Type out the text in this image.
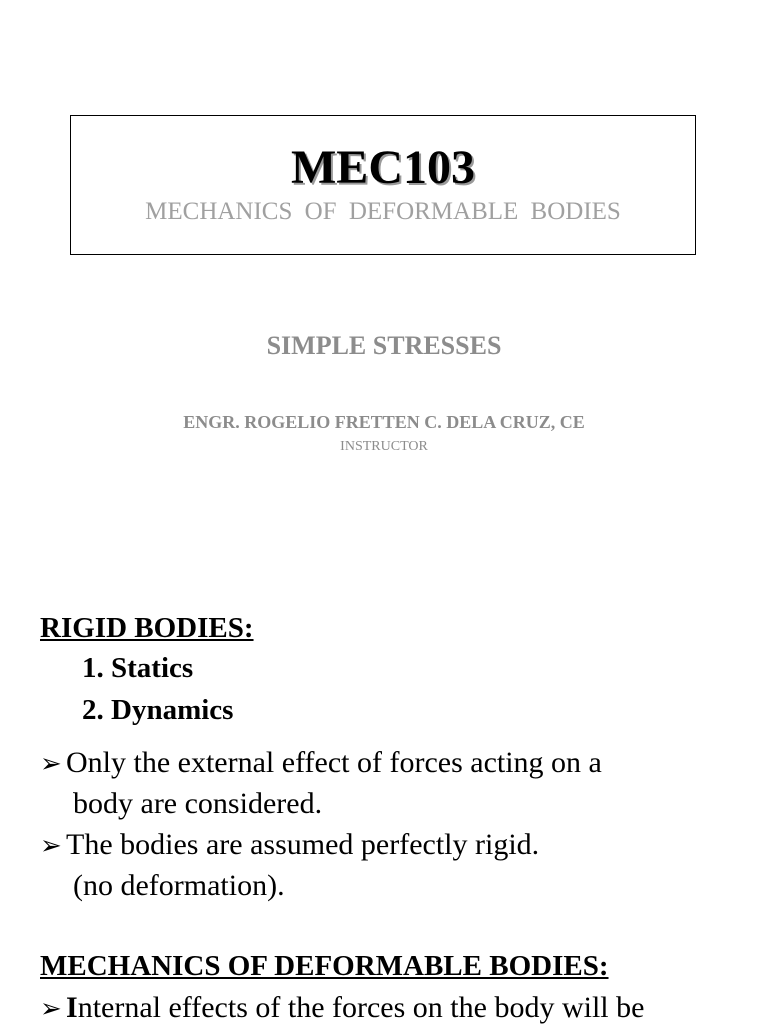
MEC103
MECHANICS OF DEFORMABLE BODIES
SIMPLE STRESSES
ENGR. ROGELIO FRETTEN C. DELA CRUZ, CE
INSTRUCTOR
RIGID BODIES:
1. Statics
2. Dynamics
➢ Only the external effect of forces acting on a
body are considered.
➢ The bodies are assumed perfectly rigid.
(no deformation).
MECHANICS OF DEFORMABLE BODIES:
➢ Internal effects of the forces on the body will be
